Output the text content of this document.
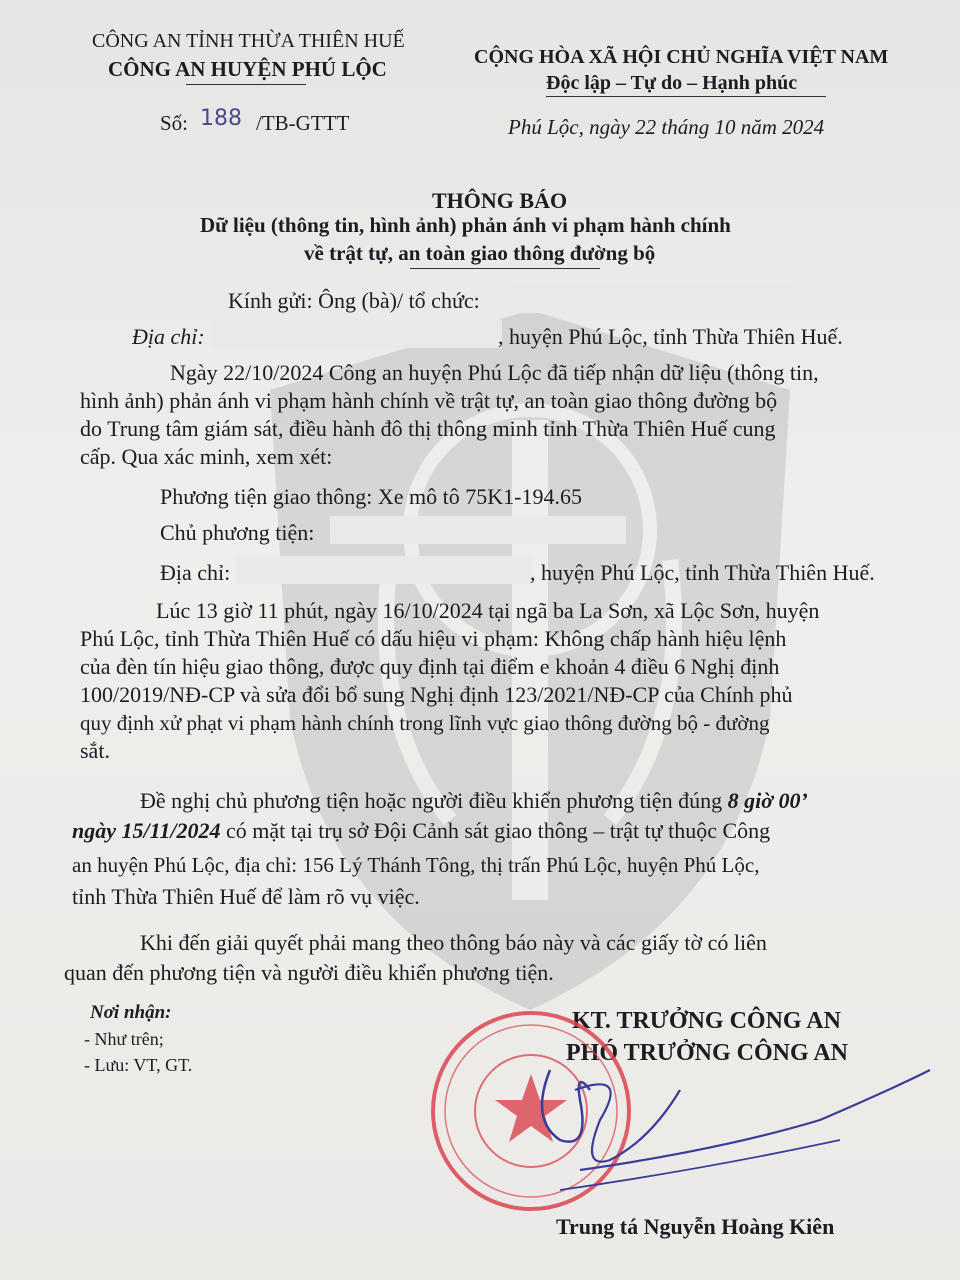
CÔNG AN TỈNH THỪA THIÊN HUẾ
CÔNG AN HUYỆN PHÚ LỘC
Số: 188 /TB-GTTT
CỘNG HÒA XÃ HỘI CHỦ NGHĨA VIỆT NAM
Độc lập – Tự do – Hạnh phúc
Phú Lộc, ngày 22 tháng 10 năm 2024
THÔNG BÁO
Dữ liệu (thông tin, hình ảnh) phản ánh vi phạm hành chính
về trật tự, an toàn giao thông đường bộ
Kính gửi: Ông (bà)/ tổ chức:
Địa chỉ:	, huyện Phú Lộc, tỉnh Thừa Thiên Huế.
Ngày 22/10/2024 Công an huyện Phú Lộc đã tiếp nhận dữ liệu (thông tin,
hình ảnh) phản ánh vi phạm hành chính về trật tự, an toàn giao thông đường bộ
do Trung tâm giám sát, điều hành đô thị thông minh tỉnh Thừa Thiên Huế cung
cấp. Qua xác minh, xem xét:
Phương tiện giao thông: Xe mô tô 75K1-194.65
Chủ phương tiện:
Địa chỉ:	, huyện Phú Lộc, tỉnh Thừa Thiên Huế.
Lúc 13 giờ 11 phút, ngày 16/10/2024 tại ngã ba La Sơn, xã Lộc Sơn, huyện
Phú Lộc, tỉnh Thừa Thiên Huế có dấu hiệu vi phạm: Không chấp hành hiệu lệnh
của đèn tín hiệu giao thông, được quy định tại điểm e khoản 4 điều 6 Nghị định
100/2019/NĐ-CP và sửa đổi bổ sung Nghị định 123/2021/NĐ-CP của Chính phủ
quy định xử phạt vi phạm hành chính trong lĩnh vực giao thông đường bộ - đường
sắt.
Đề nghị chủ phương tiện hoặc người điều khiển phương tiện đúng 8 giờ 00’
ngày 15/11/2024 có mặt tại trụ sở Đội Cảnh sát giao thông – trật tự thuộc Công
an huyện Phú Lộc, địa chỉ: 156 Lý Thánh Tông, thị trấn Phú Lộc, huyện Phú Lộc,
tỉnh Thừa Thiên Huế để làm rõ vụ việc.
Khi đến giải quyết phải mang theo thông báo này và các giấy tờ có liên
quan đến phương tiện và người điều khiển phương tiện.
Nơi nhận:
- Như trên;
- Lưu: VT, GT.
KT. TRƯỞNG CÔNG AN
PHÓ TRƯỞNG CÔNG AN
Trung tá Nguyễn Hoàng Kiên
